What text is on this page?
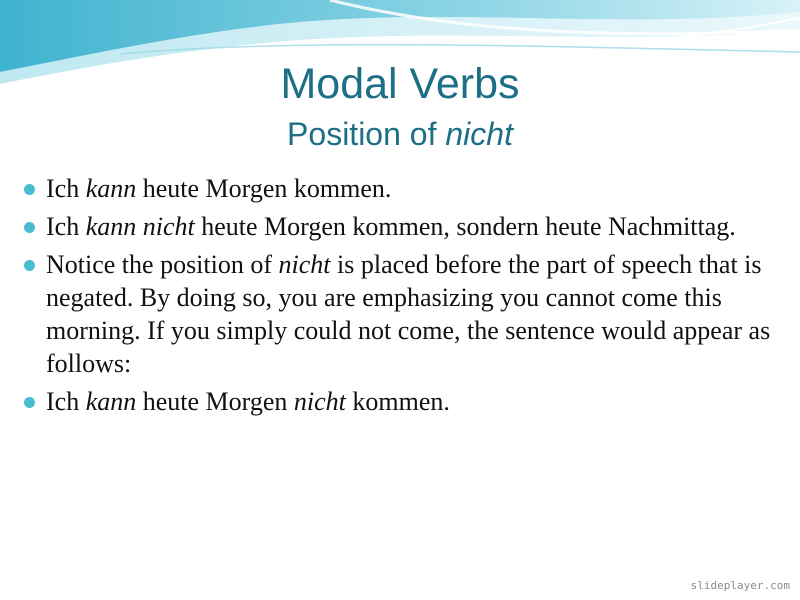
Modal Verbs
Position of nicht
Ich kann heute Morgen kommen.
Ich kann nicht heute Morgen kommen, sondern heute Nachmittag.
Notice the position of nicht is placed before the part of speech that is negated. By doing so, you are emphasizing you cannot come this morning. If you simply could not come, the sentence would appear as follows:
Ich kann heute Morgen nicht kommen.
slideplayer.com
